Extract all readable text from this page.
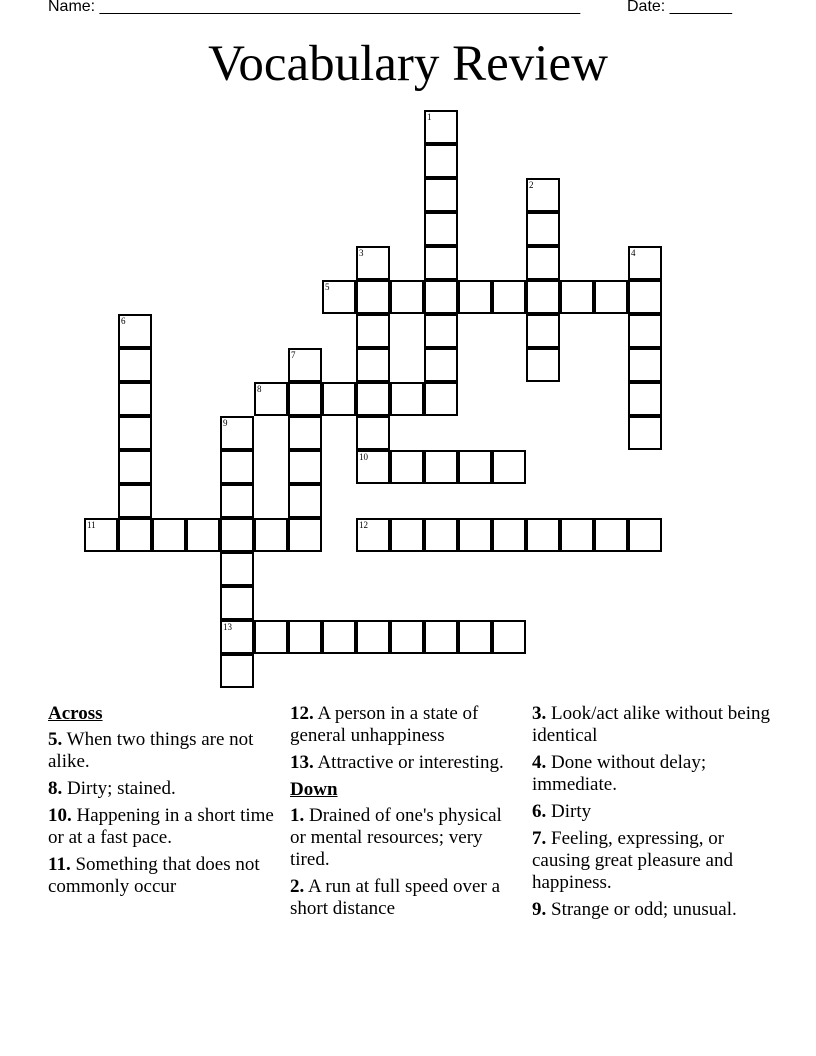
Name: ______________________________________________________	Date: _______
Vocabulary Review
1
2
3	4
5
6
7
8
9
13
10
11	12
Across
5. When two things are not alike.
8. Dirty; stained.
10. Happening in a short time or at a fast pace.
11. Something that does not commonly occur
12. A person in a state of general unhappiness
13. Attractive or interesting.
Down
1. Drained of one's physical or mental resources; very tired.
2. A run at full speed over a short distance
3. Look/act alike without being identical
4. Done without delay; immediate.
6. Dirty
7. Feeling, expressing, or causing great pleasure and happiness.
9. Strange or odd; unusual.
